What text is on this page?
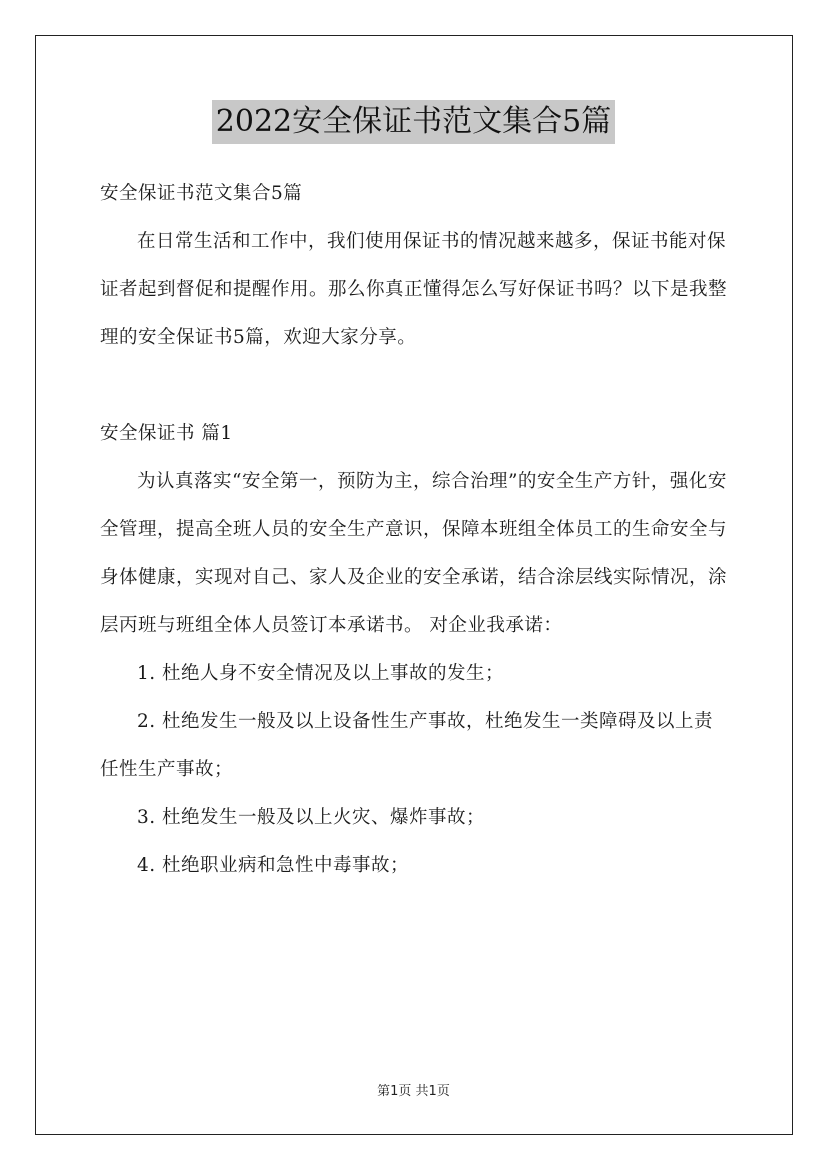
2022安全保证书范文集合5篇

安全保证书范文集合5篇

在日常生活和工作中，我们使用保证书的情况越来越多，保证书能对保证者起到督促和提醒作用。那么你真正懂得怎么写好保证书吗？以下是我整理的安全保证书5篇，欢迎大家分享。

安全保证书 篇1

为认真落实“安全第一，预防为主，综合治理”的安全生产方针，强化安全管理，提高全班人员的安全生产意识，保障本班组全体员工的生命安全与身体健康，实现对自己、家人及企业的安全承诺，结合涂层线实际情况，涂层丙班与班组全体人员签订本承诺书。 对企业我承诺：

1. 杜绝人身不安全情况及以上事故的发生；

2. 杜绝发生一般及以上设备性生产事故，杜绝发生一类障碍及以上责任性生产事故；

3. 杜绝发生一般及以上火灾、爆炸事故；

4. 杜绝职业病和急性中毒事故；

第1页 共1页
